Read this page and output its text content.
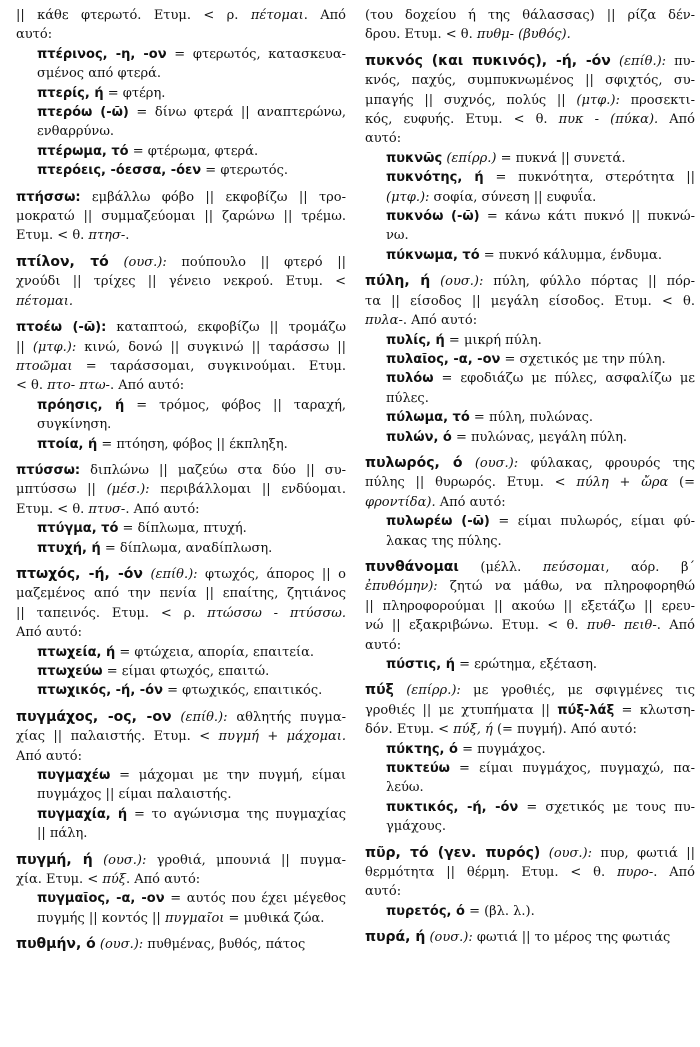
|| κάθε φτερωτό. Ετυμ. < ρ. πέτομαι. Από
αυτό:
πτέρινος, -η, -ον = φτερωτός, κατασκευα-
σμένος από φτερά.
πτερίς, ή = φτέρη.
πτερόω (-ῶ) = δίνω φτερά || αναπτερώνω,
ενθαρρύνω.
πτέρωμα, τό = φτέρωμα, φτερά.
πτερόεις, -όεσσα, -όεν = φτερωτός.
πτήσσω: εμβάλλω φόβο || εκφοβίζω || τρο-
μοκρατώ || συμμαζεύομαι || ζαρώνω || τρέμω.
Ετυμ. < θ. πτησ-.
πτίλον, τό (ουσ.): πούπουλο || φτερό ||
χνούδι || τρίχες || γένειο νεκρού. Ετυμ. <
πέτομαι.
πτοέω (-ῶ): καταπτοώ, εκφοβίζω || τρομάζω
|| (μτφ.): κινώ, δονώ || συγκινώ || ταράσσω ||
πτοῶμαι = ταράσσομαι, συγκινούμαι. Ετυμ.
< θ. πτο- πτω-. Από αυτό:
πρόησις, ή = τρόμος, φόβος || ταραχή,
συγκίνηση.
πτοία, ή = πτόηση, φόβος || έκπληξη.
πτύσσω: διπλώνω || μαζεύω στα δύο || συ-
μπτύσσω || (μέσ.): περιβάλλομαι || ενδύομαι.
Ετυμ. < θ. πτυσ-. Από αυτό:
πτύγμα, τό = δίπλωμα, πτυχή.
πτυχή, ή = δίπλωμα, αναδίπλωση.
πτωχός, -ή, -όν (επίθ.): φτωχός, άπορος || ο
μαζεμένος από την πενία || επαίτης, ζητιάνος
|| ταπεινός. Ετυμ. < ρ. πτώσσω - πτύσσω.
Από αυτό:
πτωχεία, ή = φτώχεια, απορία, επαιτεία.
πτωχεύω = είμαι φτωχός, επαιτώ.
πτωχικός, -ή, -όν = φτωχικός, επαιτικός.
πυγμάχος, -ος, -ον (επίθ.): αθλητής πυγμα-
χίας || παλαιστής. Ετυμ. < πυγμή + μάχομαι.
Από αυτό:
πυγμαχέω = μάχομαι με την πυγμή, είμαι
πυγμάχος || είμαι παλαιστής.
πυγμαχία, ή = το αγώνισμα της πυγμαχίας
|| πάλη.
πυγμή, ή (ουσ.): γροθιά, μπουνιά || πυγμα-
χία. Ετυμ. < πύξ. Από αυτό:
πυγμαῖος, -α, -ον = αυτός που έχει μέγεθος
πυγμής || κοντός || πυγμαῖοι = μυθικά ζώα.
πυθμήν, ό (ουσ.): πυθμένας, βυθός, πάτος
(του δοχείου ή της θάλασσας) || ρίζα δέν-
δρου. Ετυμ. < θ. πυθμ- (βυθός).
πυκνός (και πυκινός), -ή, -όν (επίθ.): πυ-
κνός, παχύς, συμπυκνωμένος || σφιχτός, συ-
μπαγής || συχνός, πολύς || (μτφ.): προσεκτι-
κός, ευφυής. Ετυμ. < θ. πυκ - (πύκα). Από
αυτό:
πυκνῶς (επίρρ.) = πυκνά || συνετά.
πυκνότης, ή = πυκνότητα, στερότητα ||
(μτφ.): σοφία, σύνεση || ευφυΐα.
πυκνόω (-ῶ) = κάνω κάτι πυκνό || πυκνώ-
νω.
πύκνωμα, τό = πυκνό κάλυμμα, ένδυμα.
πύλη, ή (ουσ.): πύλη, φύλλο πόρτας || πόρ-
τα || είσοδος || μεγάλη είσοδος. Ετυμ. < θ.
πυλα-. Από αυτό:
πυλίς, ή = μικρή πύλη.
πυλαῖος, -α, -ον = σχετικός με την πύλη.
πυλόω = εφοδιάζω με πύλες, ασφαλίζω με
πύλες.
πύλωμα, τό = πύλη, πυλώνας.
πυλών, ό = πυλώνας, μεγάλη πύλη.
πυλωρός, ό (ουσ.): φύλακας, φρουρός της
πύλης || θυρωρός. Ετυμ. < πύλη + ὤρα (=
φροντίδα). Από αυτό:
πυλωρέω (-ῶ) = είμαι πυλωρός, είμαι φύ-
λακας της πύλης.
πυνθάνομαι (μέλλ. πεύσομαι, αόρ. β΄
ἐπυθόμην): ζητώ να μάθω, να πληροφορηθώ
|| πληροφορούμαι || ακούω || εξετάζω || ερευ-
νώ || εξακριβώνω. Ετυμ. < θ. πυθ- πειθ-. Από
αυτό:
πύστις, ή = ερώτημα, εξέταση.
πύξ (επίρρ.): με γροθιές, με σφιγμένες τις
γροθιές || με χτυπήματα || πύξ-λάξ = κλωτση-
δόν. Ετυμ. < πύξ, ή (= πυγμή). Από αυτό:
πύκτης, ό = πυγμάχος.
πυκτεύω = είμαι πυγμάχος, πυγμαχώ, πα-
λεύω.
πυκτικός, -ή, -όν = σχετικός με τους πυ-
γμάχους.
πῦρ, τό (γεν. πυρός) (ουσ.): πυρ, φωτιά ||
θερμότητα || θέρμη. Ετυμ. < θ. πυρο-. Από
αυτό:
πυρετός, ό = (βλ. λ.).
πυρά, ή (ουσ.): φωτιά || το μέρος της φωτιάς
